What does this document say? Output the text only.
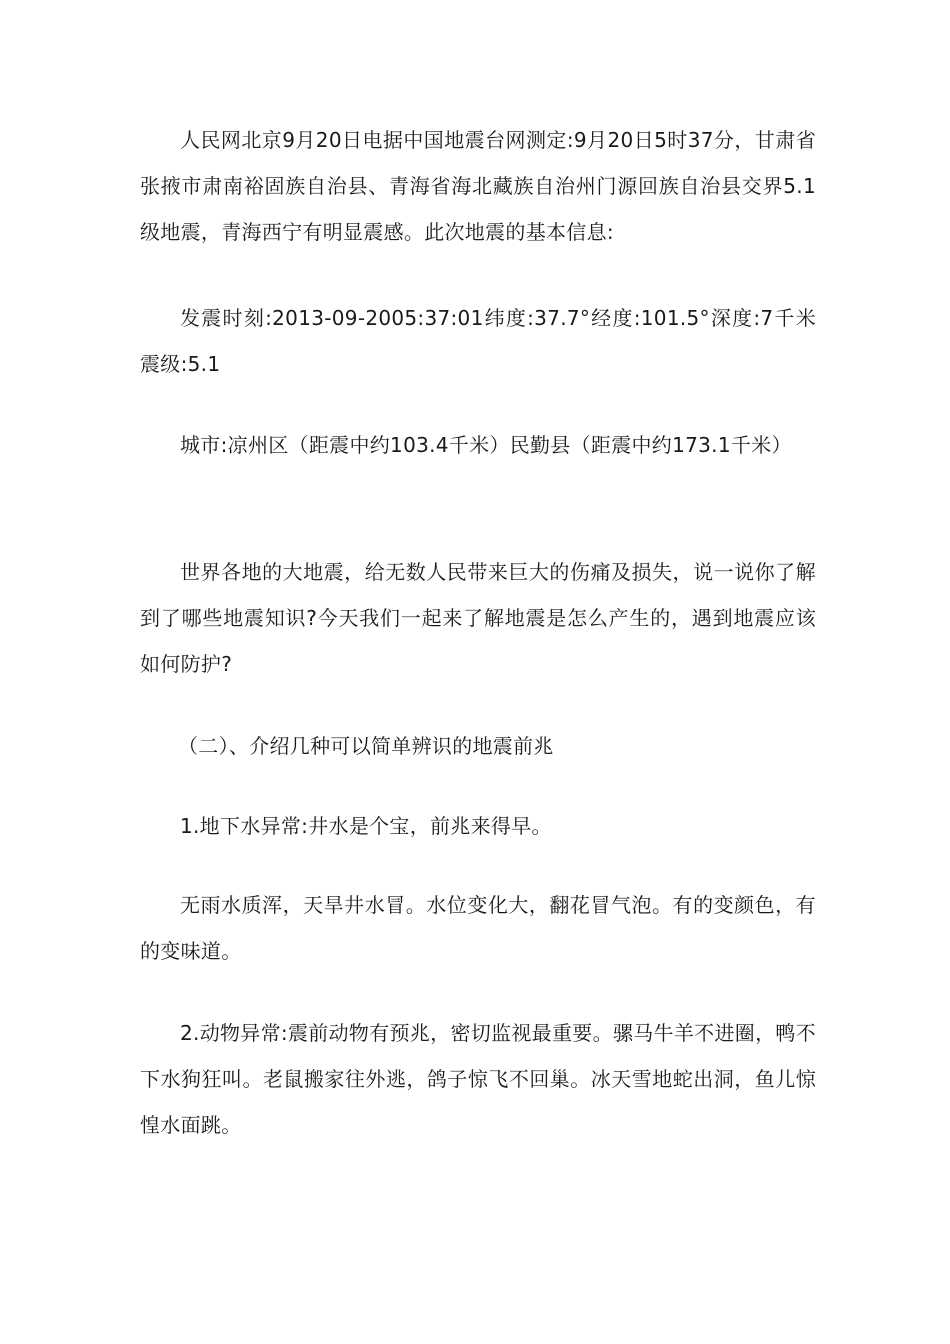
人民网北京9月20日电据中国地震台网测定:9月20日5时37分，甘肃省张掖市肃南裕固族自治县、青海省海北藏族自治州门源回族自治县交界5.1级地震，青海西宁有明显震感。此次地震的基本信息:

发震时刻:2013-09-2005:37:01纬度:37.7°经度:101.5°深度:7千米震级:5.1

城市:凉州区（距震中约103.4千米）民勤县（距震中约173.1千米）

世界各地的大地震，给无数人民带来巨大的伤痛及损失，说一说你了解到了哪些地震知识?今天我们一起来了解地震是怎么产生的，遇到地震应该如何防护?

（二）、介绍几种可以简单辨识的地震前兆

1.地下水异常:井水是个宝，前兆来得早。

无雨水质浑，天旱井水冒。水位变化大，翻花冒气泡。有的变颜色，有的变味道。

2.动物异常:震前动物有预兆，密切监视最重要。骡马牛羊不进圈，鸭不下水狗狂叫。老鼠搬家往外逃，鸽子惊飞不回巢。冰天雪地蛇出洞，鱼儿惊惶水面跳。
